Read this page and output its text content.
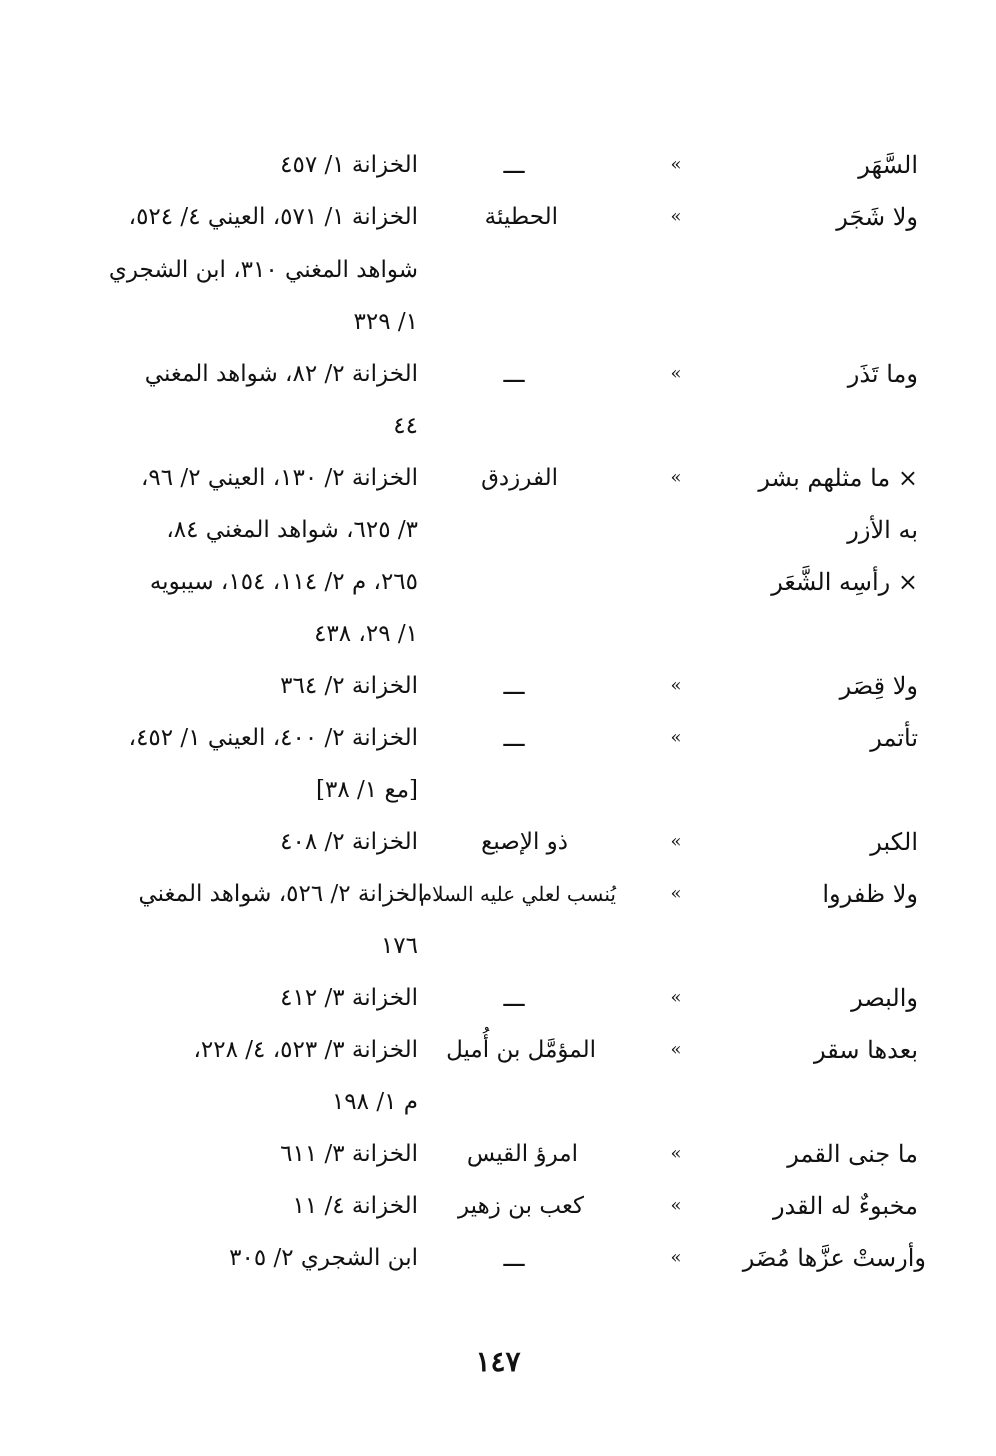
السَّهَر
»
ـــ
الخزانة ١/ ٤٥٧
ولا شَجَر
»
الحطيئة
الخزانة ١/ ٥٧١، العيني ٤/ ٥٢٤،
شواهد المغني ٣١٠، ابن الشجري
١/ ٣٢٩
وما تَذَر
»
ـــ
الخزانة ٢/ ٨٢، شواهد المغني
٤٤
× ما مثلهم بشر
»
الفرزدق
الخزانة ٢/ ١٣٠، العيني ٢/ ٩٦،
به الأزر
٣/ ٦٢٥، شواهد المغني ٨٤،
× رأسِه الشَّعَر
٢٦٥، م ٢/ ١١٤، ١٥٤، سيبويه
١/ ٢٩، ٤٣٨
ولا قِصَر
»
ـــ
الخزانة ٢/ ٣٦٤
تأتمر
»
ـــ
الخزانة ٢/ ٤٠٠، العيني ١/ ٤٥٢،
[مع ١/ ٣٨]
الكبر
»
ذو الإصبع
الخزانة ٢/ ٤٠٨
ولا ظفروا
»
يُنسب لعلي عليه السلام
الخزانة ٢/ ٥٢٦، شواهد المغني
١٧٦
والبصر
»
ـــ
الخزانة ٣/ ٤١٢
بعدها سقر
»
المؤمَّل بن أُميل
الخزانة ٣/ ٥٢٣، ٤/ ٢٢٨،
م ١/ ١٩٨
ما جنى القمر
»
امرؤ القيس
الخزانة ٣/ ٦١١
مخبوءٌ له القدر
»
كعب بن زهير
الخزانة ٤/ ١١
وأرستْ عزَّها مُضَر
»
ـــ
ابن الشجري ٢/ ٣٠٥
١٤٧
